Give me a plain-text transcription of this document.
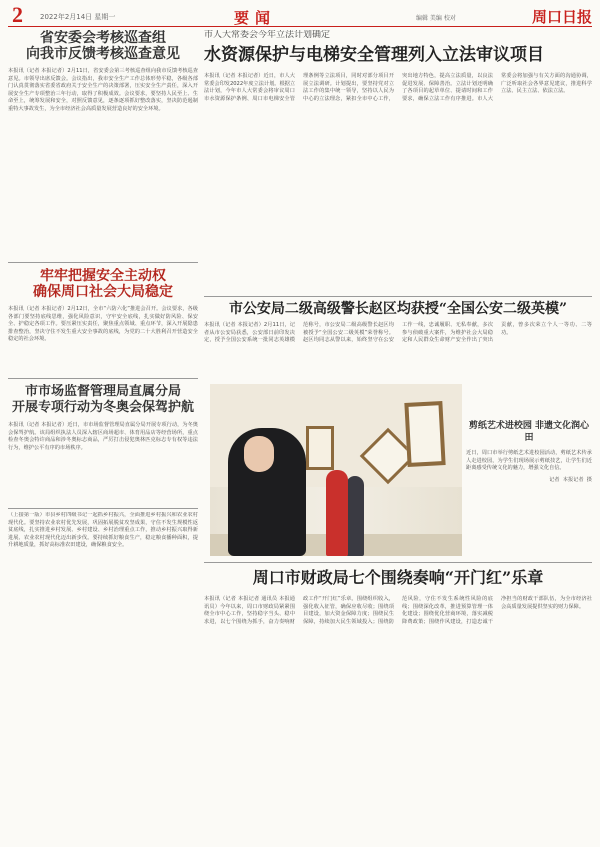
2 2022年2月14日 星期一	要闻	编辑 美编 校对	周口日报

省安委会考核巡查组

向我市反馈考核巡查意见

本报讯（记者 本报记者）2月11日，省安委会第三考核巡查组向我市反馈考核巡查意见。市领导出席反馈会。会议指出，我市安全生产工作总体形势平稳，各级各部门认真贯彻落实省委省政府关于安全生产的决策部署，压实安全生产责任，深入开展安全生产专项整治三年行动，取得了积极成效。会议要求，要坚持人民至上、生命至上，统筹发展和安全，对照反馈意见，逐条逐项抓好整改落实，坚决防范遏制重特大事故发生，为全市经济社会高质量发展营造良好的安全环境。

市人大常委会今年立法计划确定

水资源保护与电梯安全管理列入立法审议项目

本报讯（记者 本报记者）近日，市人大常委会印发2022年度立法计划。根据立法计划，今年市人大常委会将审议周口市水资源保护条例、周口市电梯安全管理条例等立法项目，同时对部分项目开展立法调研。计划提出，要坚持党对立法工作的集中统一领导，坚持以人民为中心的立法理念，紧扣全市中心工作，突出地方特色，提高立法质量，以良法促进发展、保障善治。立法计划还明确了各项目的起草单位、提请时间和工作要求，确保立法工作有序推进。市人大常委会将加强与有关方面的沟通协调，广泛听取社会各界意见建议，推进科学立法、民主立法、依法立法。

牢牢把握安全主动权

确保周口社会大局稳定

本报讯（记者 本报记者）2月12日，全市“六防六化”推进会召开。会议要求，各级各部门要坚持底线思维，强化风险意识，守牢安全底线，扎实做好防风险、保安全、护稳定各项工作。要压紧压实责任，聚焦重点领域、重点环节，深入开展隐患排查整治，坚决守住不发生重大安全事故的底线，为党的二十大胜利召开营造安全稳定的社会环境。

市公安局二级高级警长赵区均获授“全国公安二级英模”

本报讯（记者 本报记者）2月11日，记者从市公安局获悉，公安部日前印发决定，授予全国公安系统一批同志英雄模范称号，市公安局二级高级警长赵区均被授予“全国公安二级英模”荣誉称号。赵区均同志从警以来，始终坚守在公安工作一线，忠诚履职、无私奉献，多次参与侦破重大案件，为维护社会大局稳定和人民群众生命财产安全作出了突出贡献，曾多次荣立个人一等功、二等功。

市市场监督管理局直属分局

开展专项行动为冬奥会保驾护航

本报讯（记者 本报记者）近日，市市场监督管理局直属分局开展专项行动，为冬奥会保驾护航。该局组织执法人员深入辖区商场超市、体育用品店等经营场所，重点检查冬奥会特许商品和涉冬奥标志商品，严厉打击侵犯奥林匹克标志专有权等违法行为，维护公平有序的市场秩序。

（上接第一版）市县乡村四级书记一起抓乡村振兴，全面推进乡村振兴和农业农村现代化。要坚持农业农村优先发展，巩固拓展脱贫攻坚成果，守住不发生规模性返贫底线，扎实推进乡村发展、乡村建设、乡村治理重点工作，推动乡村振兴取得新进展、农业农村现代化迈出新步伐。要持续抓好粮食生产，稳定粮食播种面积，提升耕地质量，抓好高标准农田建设，确保粮食安全。

剪纸艺术进校园 非遗文化润心田

近日，周口市举行剪纸艺术进校园活动，剪纸艺术传承人走进校园，为学生们现场展示剪纸技艺，让学生们近距离感受传统文化的魅力，增强文化自信。

记者  本报记者  摄

周口市财政局七个围绕奏响“开门红”乐章

本报讯（记者 本报记者 通讯员 本报通讯员）今年以来，周口市财政局紧紧围绕全市中心工作，坚持稳字当头、稳中求进，以七个围绕为抓手，奋力奏响财政工作“开门红”乐章。围绕组织收入，强化收入征管，确保应收尽收；围绕项目建设，加大资金保障力度；围绕民生保障，持续加大民生领域投入；围绕防范风险，守住不发生系统性风险的底线；围绕深化改革，推进预算管理一体化建设；围绕优化营商环境，落实减税降费政策；围绕作风建设，打造忠诚干净担当的财政干部队伍，为全市经济社会高质量发展提供坚实的财力保障。
